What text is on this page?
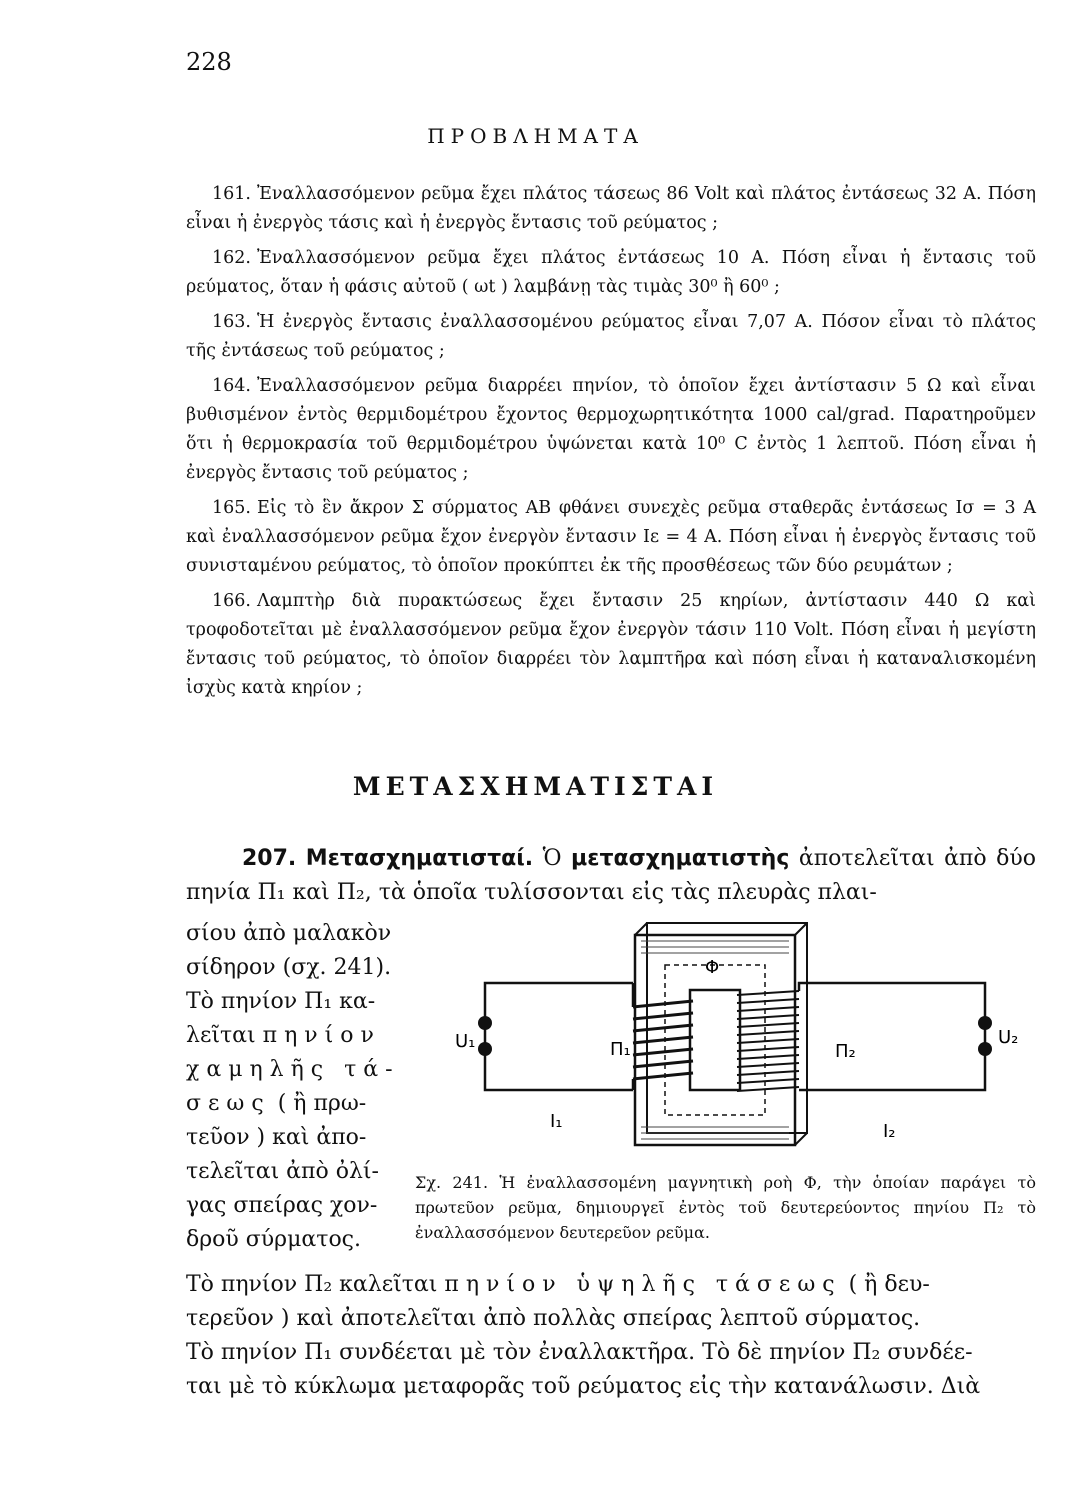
228
ΠΡΟΒΛΗΜΑΤΑ

161. Ἐναλλασσόμενον ρεῦμα ἔχει πλάτος τάσεως 86 Volt καὶ πλάτος ἐντάσεως 32 Α. Πόση εἶναι ἡ ἐνεργὸς τάσις καὶ ἡ ἐνεργὸς ἔντασις τοῦ ρεύματος ;

162. Ἐναλλασσόμενον ρεῦμα ἔχει πλάτος ἐντάσεως 10 Α. Πόση εἶναι ἡ ἔντασις τοῦ ρεύματος, ὅταν ἡ φάσις αὐτοῦ ( ωt ) λαμβάνῃ τὰς τιμὰς 30⁰ ἢ 60⁰ ;

163. Ἡ ἐνεργὸς ἔντασις ἐναλλασσομένου ρεύματος εἶναι 7,07 Α. Πόσον εἶναι τὸ πλάτος τῆς ἐντάσεως τοῦ ρεύματος ;

164. Ἐναλλασσόμενον ρεῦμα διαρρέει πηνίον, τὸ ὁποῖον ἔχει ἀντίστασιν 5 Ω καὶ εἶναι βυθισμένον ἐντὸς θερμιδομέτρου ἔχοντος θερμοχωρητικότητα 1000 cal/grad. Παρατηροῦμεν ὅτι ἡ θερμοκρασία τοῦ θερμιδομέτρου ὑψώνεται κατὰ 10⁰ C ἐντὸς 1 λεπτοῦ. Πόση εἶναι ἡ ἐνεργὸς ἔντασις τοῦ ρεύματος ;

165. Εἰς τὸ ἓν ἄκρον Σ σύρματος ΑΒ φθάνει συνεχὲς ρεῦμα σταθερᾶς ἐντάσεως Iσ = 3 Α καὶ ἐναλλασσόμενον ρεῦμα ἔχον ἐνεργὸν ἔντασιν Iε = 4 Α. Πόση εἶναι ἡ ἐνεργὸς ἔντασις τοῦ συνισταμένου ρεύματος, τὸ ὁποῖον προκύπτει ἐκ τῆς προσθέσεως τῶν δύο ρευμάτων ;

166. Λαμπτὴρ διὰ πυρακτώσεως ἔχει ἔντασιν 25 κηρίων, ἀντίστασιν 440 Ω καὶ τροφοδοτεῖται μὲ ἐναλλασσόμενον ρεῦμα ἔχον ἐνεργὸν τάσιν 110 Volt. Πόση εἶναι ἡ μεγίστη ἔντασις τοῦ ρεύματος, τὸ ὁποῖον διαρρέει τὸν λαμπτῆρα καὶ πόση εἶναι ἡ καταναλισκομένη ἰσχὺς κατὰ κηρίον ;

ΜΕΤΑΣΧΗΜΑΤΙΣΤΑΙ
207. Μετασχηματισταί. Ὁ μετασχηματιστὴς ἀποτελεῖται ἀπὸ δύο πηνία Π₁ καὶ Π₂, τὰ ὁποῖα τυλίσσονται εἰς τὰς πλευρὰς πλαι-
σίου ἀπὸ μαλακὸν
σίδηρον (σχ. 241).
Τὸ πηνίον Π₁ κα-
λεῖται πηνίον
χαμηλῆς τά-
σεως ( ἢ πρω-
τεῦον ) καὶ ἀπο-
τελεῖται ἀπὸ ὀλί-
γας σπείρας χον-
δροῦ σύρματος.
Φ
U₁	Π₁
I₁
U₂
Π₂
I₂
Σχ. 241. Ἡ ἐναλλασσομένη μαγνητικὴ ροὴ Φ, τὴν ὁποίαν παράγει τὸ πρωτεῦον ρεῦμα, δημιουργεῖ ἐντὸς τοῦ δευτερεύοντος πηνίου Π₂ τὸ ἐναλλασσόμενον δευτερεῦον ρεῦμα.
Τὸ πηνίον Π₂ καλεῖται πηνίον ὑψηλῆς τάσεως ( ἢ δευ-
τερεῦον ) καὶ ἀποτελεῖται ἀπὸ πολλὰς σπείρας λεπτοῦ σύρματος.
Τὸ πηνίον Π₁ συνδέεται μὲ τὸν ἐναλλακτῆρα. Τὸ δὲ πηνίον Π₂ συνδέε-
ται μὲ τὸ κύκλωμα μεταφορᾶς τοῦ ρεύματος εἰς τὴν κατανάλωσιν. Διὰ
